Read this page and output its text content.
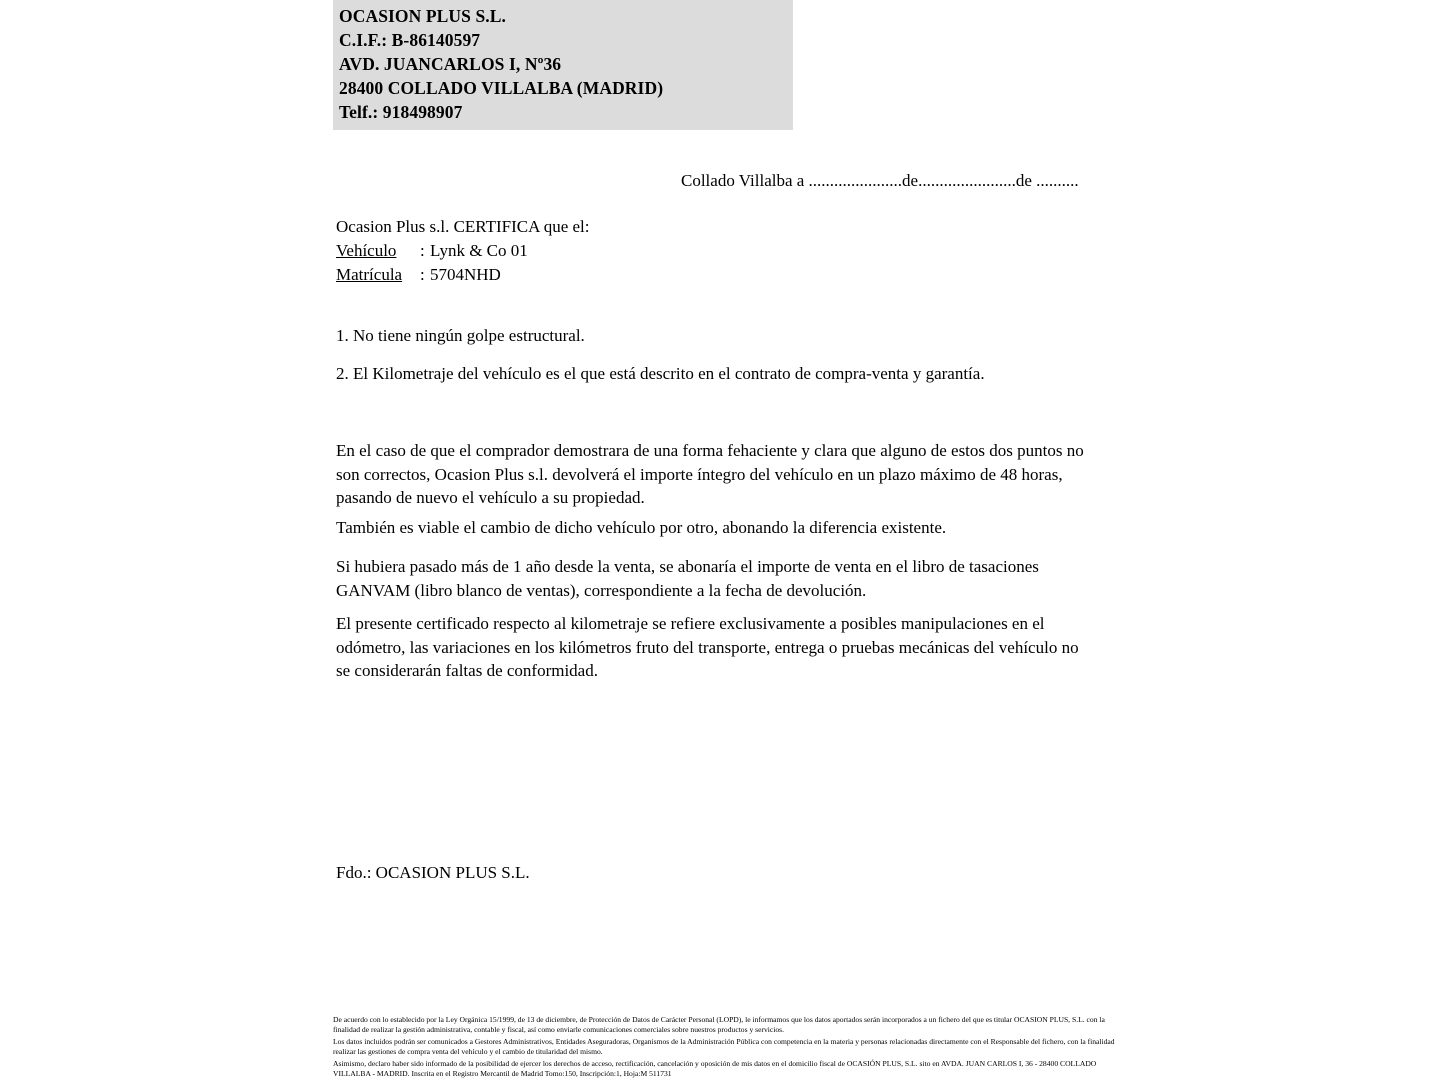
OCASION PLUS S.L.
C.I.F.: B-86140597
AVD. JUANCARLOS I, Nº36
28400 COLLADO VILLALBA (MADRID)
Telf.: 918498907
Collado Villalba a ......................de.......................de ..........
Ocasion Plus s.l. CERTIFICA que el:
Vehículo : Lynk & Co 01
Matrícula : 5704NHD
1. No tiene ningún golpe estructural.
2. El Kilometraje del vehículo es el que está descrito en el contrato de compra-venta y garantía.
En el caso de que el comprador demostrara de una forma fehaciente y clara que alguno de estos dos puntos no son correctos, Ocasion Plus s.l. devolverá el importe íntegro del vehículo en un plazo máximo de 48 horas, pasando de nuevo el vehículo a su propiedad.
También es viable el cambio de dicho vehículo por otro, abonando la diferencia existente.
Si hubiera pasado más de 1 año desde la venta, se abonaría el importe de venta en el libro de tasaciones GANVAM (libro blanco de ventas), correspondiente a la fecha de devolución.
El presente certificado respecto al kilometraje se refiere exclusivamente a posibles manipulaciones en el odómetro, las variaciones en los kilómetros fruto del transporte, entrega o pruebas mecánicas del vehículo no se considerarán faltas de conformidad.
Fdo.: OCASION PLUS S.L.

De acuerdo con lo establecido por la Ley Orgánica 15/1999, de 13 de diciembre, de Protección de Datos de Carácter Personal (LOPD), le informamos que los datos aportados serán incorporados a un fichero del que es titular OCASION PLUS, S.L. con la finalidad de realizar la gestión administrativa, contable y fiscal, así como enviarle comunicaciones comerciales sobre nuestros productos y servicios.

Los datos incluidos podrán ser comunicados a Gestores Administrativos, Entidades Aseguradoras, Organismos de la Administración Pública con competencia en la materia y personas relacionadas directamente con el Responsable del fichero, con la finalidad realizar las gestiones de compra venta del vehículo y el cambio de titularidad del mismo.

Asimismo, declaro haber sido informado de la posibilidad de ejercer los derechos de acceso, rectificación, cancelación y oposición de mis datos en el domicilio fiscal de OCASIÓN PLUS, S.L. sito en AVDA. JUAN CARLOS I, 36 - 28400 COLLADO VILLALBA - MADRID. Inscrita en el Registro Mercantil de Madrid Tomo:150, Inscripción:1, Hoja:M 511731
